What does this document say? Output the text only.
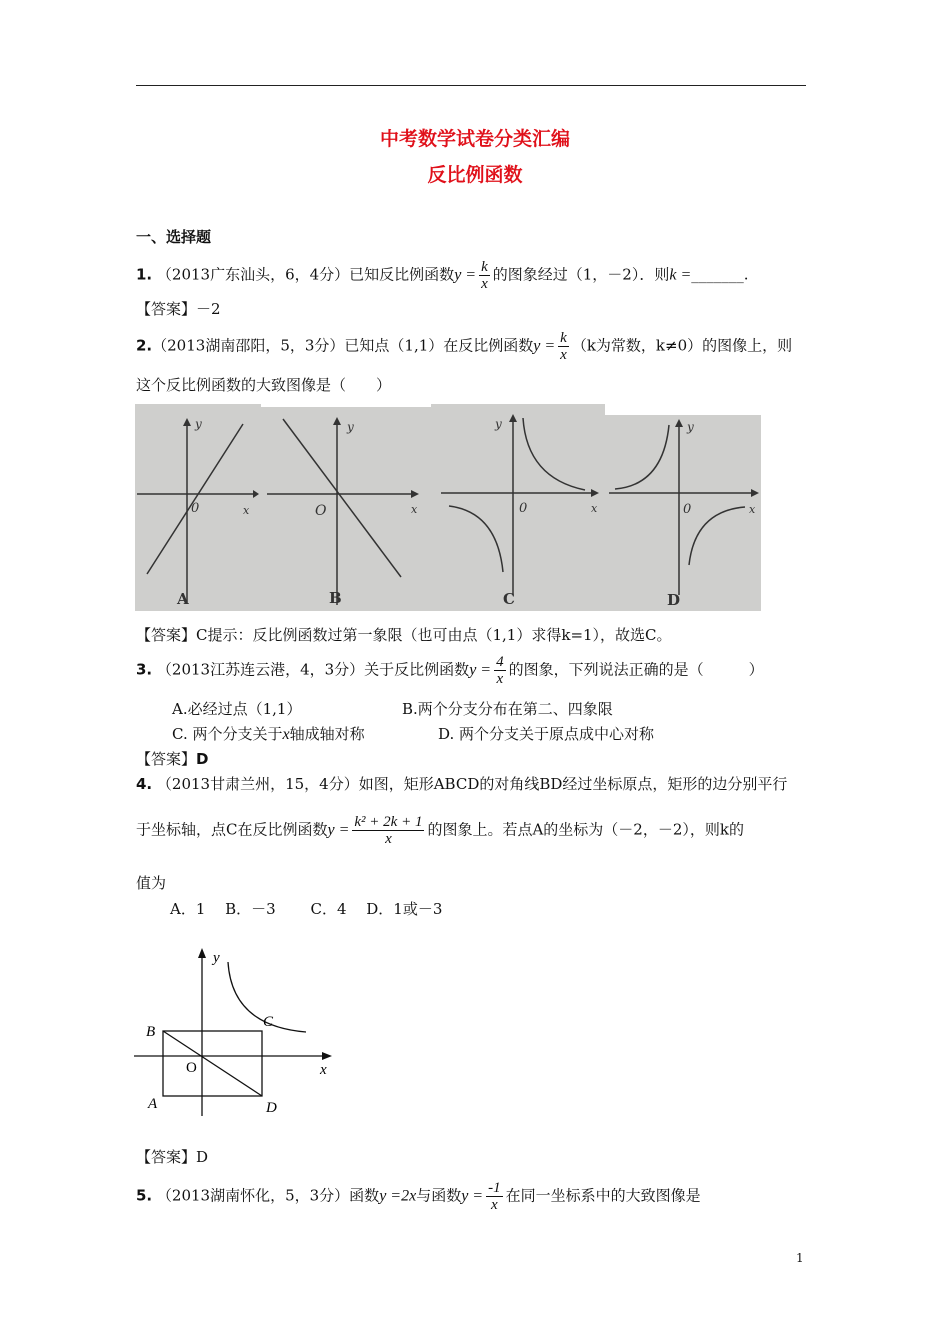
中考数学试卷分类汇编
反比例函数
一、选择题
1. （2013广东汕头，6，4分）已知反比例函数$y = \frac{k}{x}$ 的图象经过（1，－2）．则k =_______.
【答案】－2
2.（2013湖南邵阳，5，3分）已知点（1,1）在反比例函数$y = \frac{k}{x} (k$为常数，k≠0）的图像上，则
这个反比例函数的大致图像是（　　）
y
x
0
A
y
x
O
B
y
x
0
C
y
x
0
D
【答案】C提示：反比例函数过第一象限（也可由点（1,1）求得k=1），故选C。
3. （2013江苏连云港，4，3分）关于反比例函数$y = \frac{4}{x}$ 的图象，下列说法正确的是（　　　）
A.必经过点（1,1）	B.两个分支分布在第二、四象限
C. 两个分支关于x轴成轴对称	D. 两个分支关于原点成中心对称
【答案】D
4. （2013甘肃兰州，15，4分）如图，矩形ABCD的对角线BD经过坐标原点，矩形的边分别平行
于坐标轴，点C在反比例函数$y = \frac{\text{k² + 2k + 1}}{x}$ 的图象上。若点A的坐标为（－2，－2），则k的
值为
A．1　 B．－3　　 C．4　 D．1或－3
y
x
O
B
C
A	D
【答案】D
5. （2013湖南怀化，5，3分）函数y =2x与函数$y = \frac{-1}{x}$ 在同一坐标系中的大致图像是
1
